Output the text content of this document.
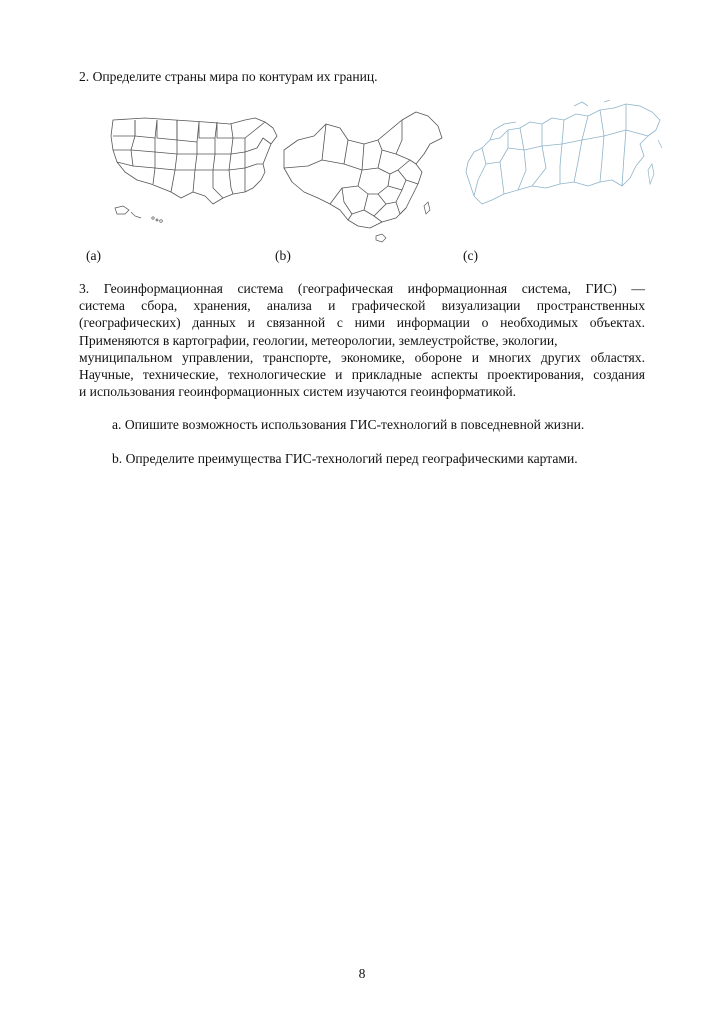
2. Определите страны мира по контурам их границ.
(a)	(b)	(c)
3. Геоинформационная система (географическая информационная система, ГИС) —
система сбора, хранения, анализа и графической визуализации пространственных
(географических) данных и связанной с ними информации о необходимых объектах.
Применяются в картографии, геологии, метеорологии, землеустройстве, экологии,
муниципальном управлении, транспорте, экономике, обороне и многих других областях.
Научные, технические, технологические и прикладные аспекты проектирования, создания
и использования геоинформационных систем изучаются геоинформатикой.
a. Опишите возможность использования ГИС-технологий в повседневной жизни.
b. Определите преимущества ГИС-технологий перед географическими картами.
8
